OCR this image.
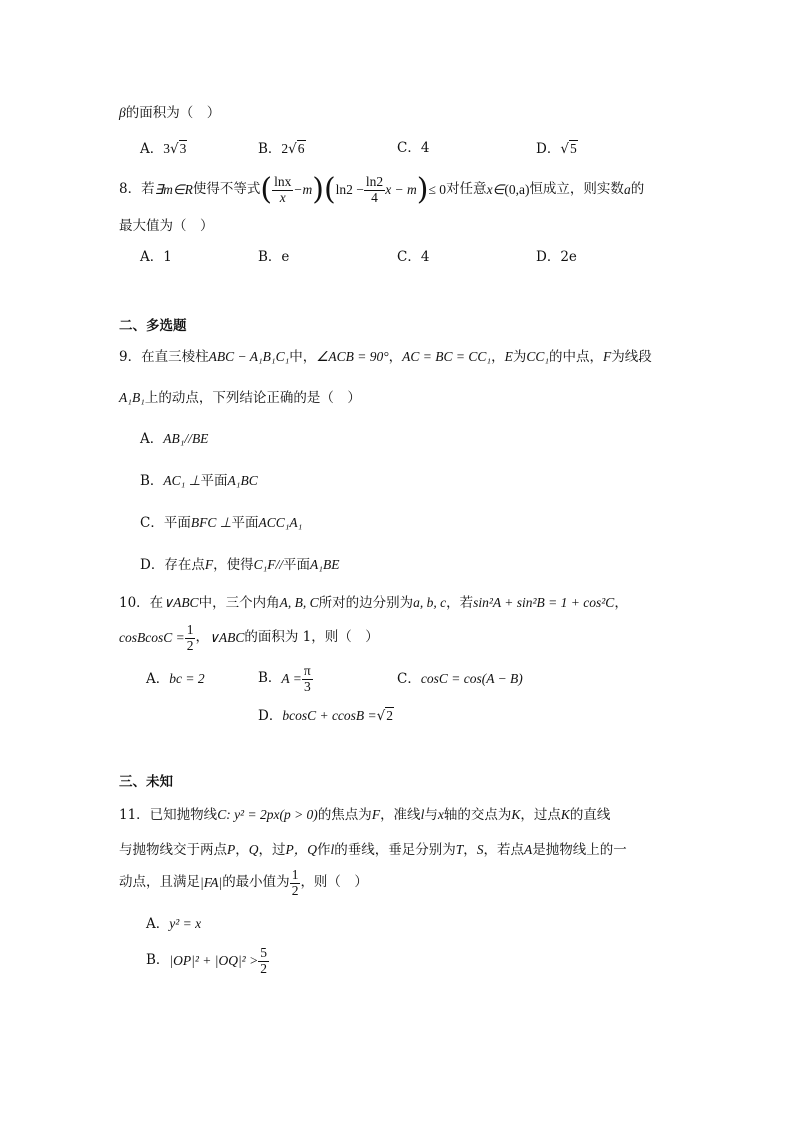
β的面积为（　）
A．3√3	B．2√6	C．4	D．√5
8．若 ∃m∈R 使得不等式 ( $\frac{\ln x}{x} -m$ ) ( $\ln 2 - \frac{\ln 2}{4}$ x − m ) ≤ 0 对任意 x∈ (0,a) 恒成立，则实数 a 的
最大值为（　）
A．1	B．e	C．4	D．2e
二、多选题
9．在直三棱柱ABC − A₁B₁C₁中，∠ACB = 90°，AC = BC = CC₁，E为CC₁的中点，F为线段
A₁B₁上的动点，下列结论正确的是（　）
A．AB₁//BE
B．AC₁ ⊥平面A₁BC
C．平面BFC ⊥平面ACC₁A₁
D．存在点F，使得C₁F//平面A₁BE
10．在∨ABC中，三个内角A, B, C所对的边分别为a, b, c，若sin²A + sin²B = 1 + cos²C，
cosBcosC = $\frac{1}{2}$ ， ∨ABC 的面积为 1，则（　）
A．bc = 2	B． $A = \frac{\pi}{3}$	C．cosC = cos(A − B)
D．bcosC + ccosB =√2
三、未知
11．已知抛物线C: y² = 2px(p > 0)的焦点为F，准线l与x轴的交点为K，过点K的直线
与抛物线交于两点P，Q，过P，Q作l的垂线，垂足分别为T，S，若点A是抛物线上的一
动点，且满足 |FA| 的最小值为 $\frac{1}{2}$ ，则（　）
A．y² = x
B． $|OP|^2 + |OQ|^2 > \frac{5}{2}$
